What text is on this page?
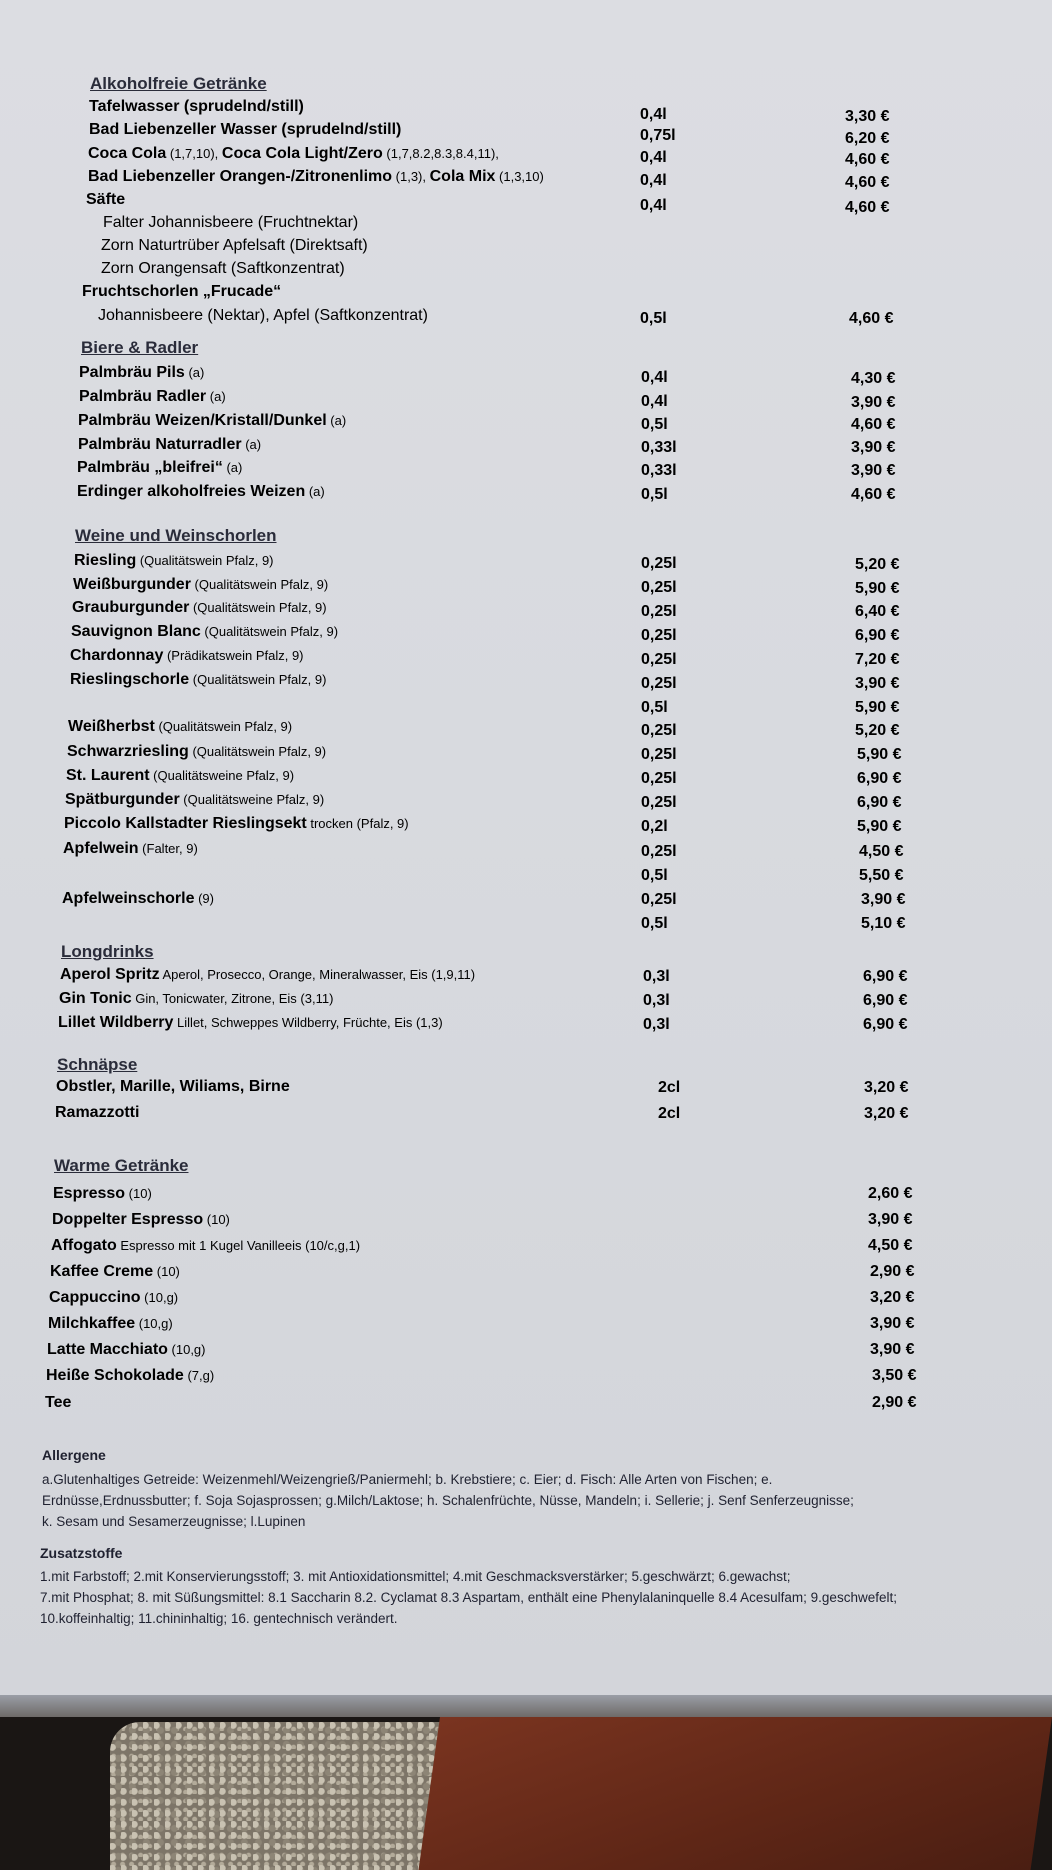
Alkoholfreie Getränke
Biere & Radler
Weine und Weinschorlen
Longdrinks
Schnäpse
Warme Getränke
Tafelwasser (sprudelnd/still)	0,4l	3,30 €
Bad Liebenzeller Wasser (sprudelnd/still)	0,75l	6,20 €
Coca Cola (1,7,10), Coca Cola Light/Zero (1,7,8.2,8.3,8.4,11),	0,4l	4,60 €
Bad Liebenzeller Orangen-/Zitronenlimo (1,3), Cola Mix (1,3,10)	0,4l	4,60 €
Säfte	0,4l	4,60 €
Falter Johannisbeere (Fruchtnektar)
Zorn Naturtrüber Apfelsaft (Direktsaft)
Zorn Orangensaft (Saftkonzentrat)
Fruchtschorlen „Frucade“
Johannisbeere (Nektar), Apfel (Saftkonzentrat)	0,5l	4,60 €
Palmbräu Pils (a)	0,4l	4,30 €
Palmbräu Radler (a)	0,4l	3,90 €
Palmbräu Weizen/Kristall/Dunkel (a)	0,5l	4,60 €
Palmbräu Naturradler (a)	0,33l	3,90 €
Palmbräu „bleifrei“ (a)	0,33l	3,90 €
Erdinger alkoholfreies Weizen (a)	0,5l	4,60 €
Riesling (Qualitätswein Pfalz, 9)	0,25l	5,20 €
Weißburgunder (Qualitätswein Pfalz, 9)	0,25l	5,90 €
Grauburgunder (Qualitätswein Pfalz, 9)	0,25l	6,40 €
Sauvignon Blanc (Qualitätswein Pfalz, 9)	0,25l	6,90 €
Chardonnay (Prädikatswein Pfalz, 9)	0,25l	7,20 €
Rieslingschorle (Qualitätswein Pfalz, 9)	0,25l	3,90 €
0,5l	5,90 €
Weißherbst (Qualitätswein Pfalz, 9)	0,25l	5,20 €
Schwarzriesling (Qualitätswein Pfalz, 9)	0,25l	5,90 €
St. Laurent (Qualitätsweine Pfalz, 9)	0,25l	6,90 €
Spätburgunder (Qualitätsweine Pfalz, 9)	0,25l	6,90 €
Piccolo Kallstadter Rieslingsekt trocken (Pfalz, 9)	0,2l	5,90 €
Apfelwein (Falter, 9)	0,25l	4,50 €
0,5l	5,50 €
Apfelweinschorle (9)	0,25l	3,90 €
0,5l	5,10 €
Aperol Spritz Aperol, Prosecco, Orange, Mineralwasser, Eis (1,9,11)	0,3l	6,90 €
Gin Tonic Gin, Tonicwater, Zitrone, Eis (3,11)	0,3l	6,90 €
Lillet Wildberry Lillet, Schweppes Wildberry, Früchte, Eis (1,3)	0,3l	6,90 €
Obstler, Marille, Wiliams, Birne	2cl	3,20 €
Ramazzotti	2cl	3,20 €
Espresso (10)	2,60 €
Doppelter Espresso (10)	3,90 €
Affogato Espresso mit 1 Kugel Vanilleeis (10/c,g,1)	4,50 €
Kaffee Creme (10)	2,90 €
Cappuccino (10,g)	3,20 €
Milchkaffee (10,g)	3,90 €
Latte Macchiato (10,g)	3,90 €
Heiße Schokolade (7,g)	3,50 €
Tee	2,90 €
Allergene
a.Glutenhaltiges Getreide: Weizenmehl/Weizengrieß/Paniermehl; b. Krebstiere; c. Eier; d. Fisch: Alle Arten von Fischen; e.
Erdnüsse,Erdnussbutter; f. Soja Sojasprossen; g.Milch/Laktose; h. Schalenfrüchte, Nüsse, Mandeln; i. Sellerie; j. Senf Senferzeugnisse;
k. Sesam und Sesamerzeugnisse; l.Lupinen
Zusatzstoffe
1.mit Farbstoff; 2.mit Konservierungsstoff; 3. mit Antioxidationsmittel; 4.mit Geschmacksverstärker; 5.geschwärzt; 6.gewachst;
7.mit Phosphat; 8. mit Süßungsmittel: 8.1 Saccharin 8.2. Cyclamat 8.3 Aspartam, enthält eine Phenylalaninquelle 8.4 Acesulfam; 9.geschwefelt;
10.koffeinhaltig; 11.chininhaltig; 16. gentechnisch verändert.
